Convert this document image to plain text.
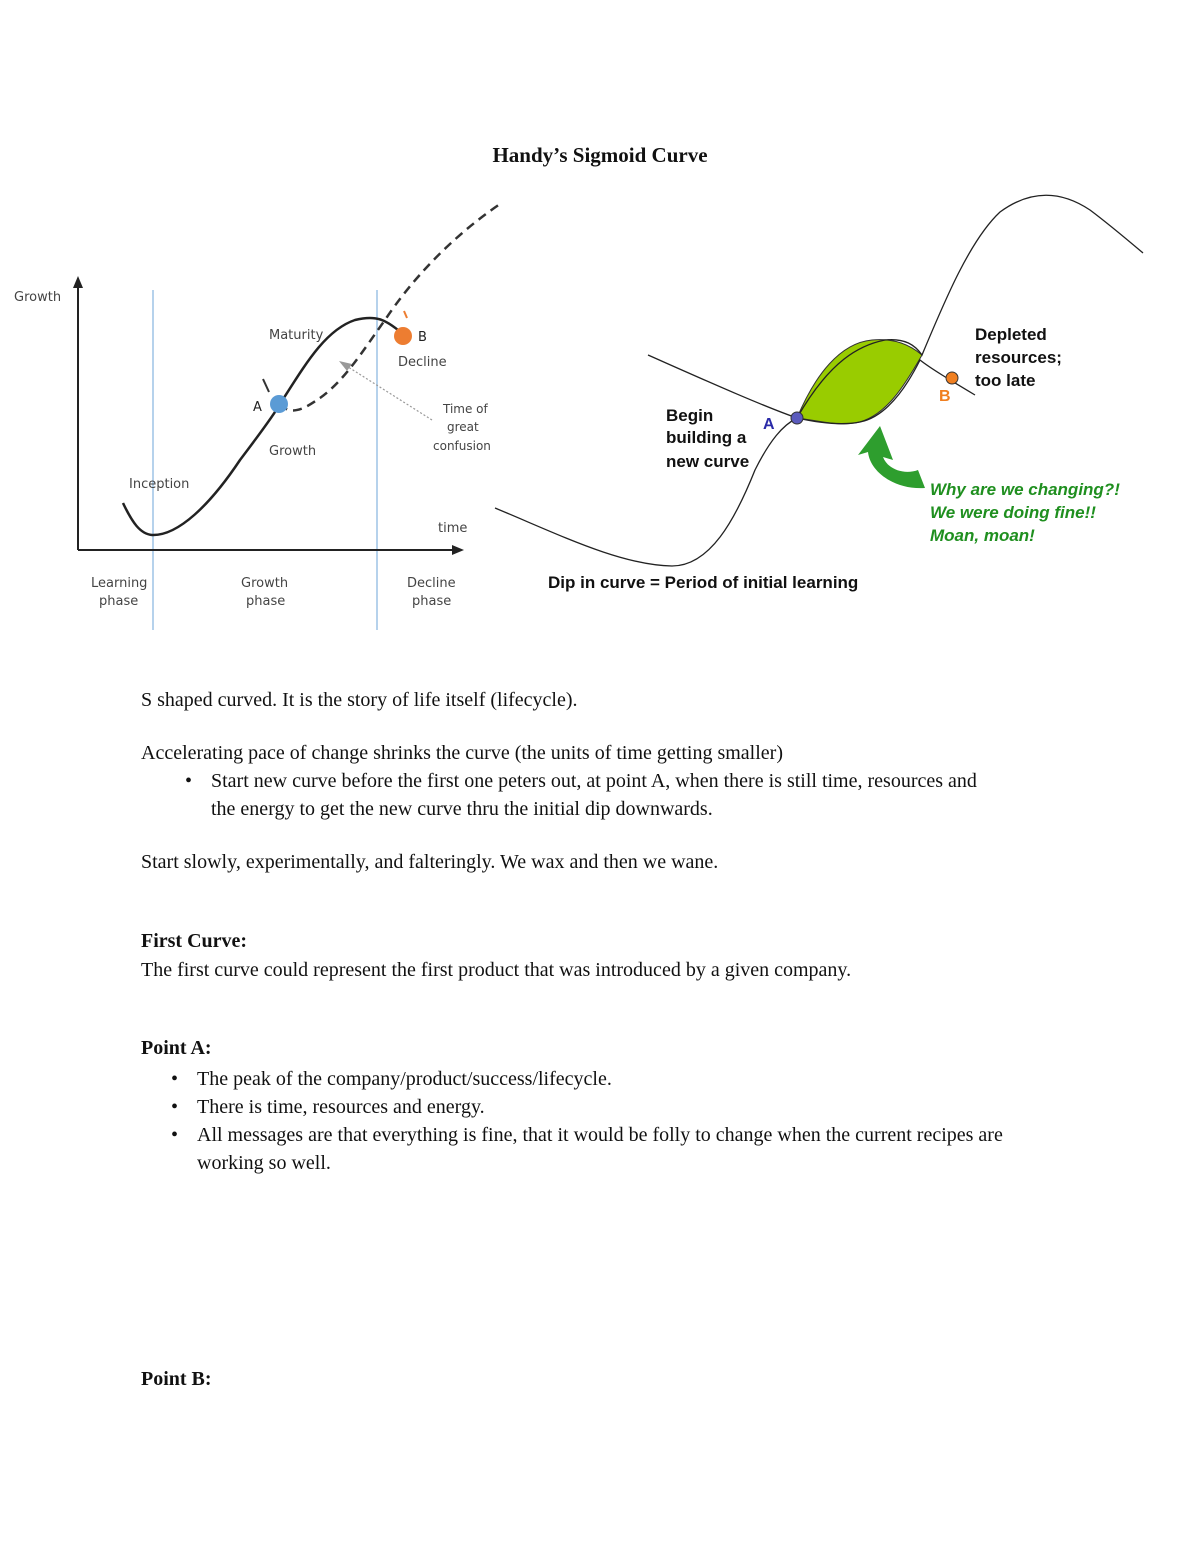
Handy’s Sigmoid Curve
A
B
Growth
time
Maturity
Decline
Growth
Inception
Time of
great
confusion
Learning
phase
Growth
phase
Decline
phase
A
B
Begin
building a
new curve
Depleted
resources;
too late
Why are we changing?!
We were doing fine!!
Moan, moan!
Dip in curve = Period of initial learning
S shaped curved. It is the story of life itself (lifecycle).
Accelerating pace of change shrinks the curve (the units of time getting smaller)
• Start new curve before the first one peters out, at point A, when there is still time, resources and the energy to get the new curve thru the initial dip downwards.
Start slowly, experimentally, and falteringly. We wax and then we wane.
First Curve:
The first curve could represent the first product that was introduced by a given company.
Point A:
• The peak of the company/product/success/lifecycle.
• There is time, resources and energy.
• All messages are that everything is fine, that it would be folly to change when the current recipes are working so well.
Point B:
